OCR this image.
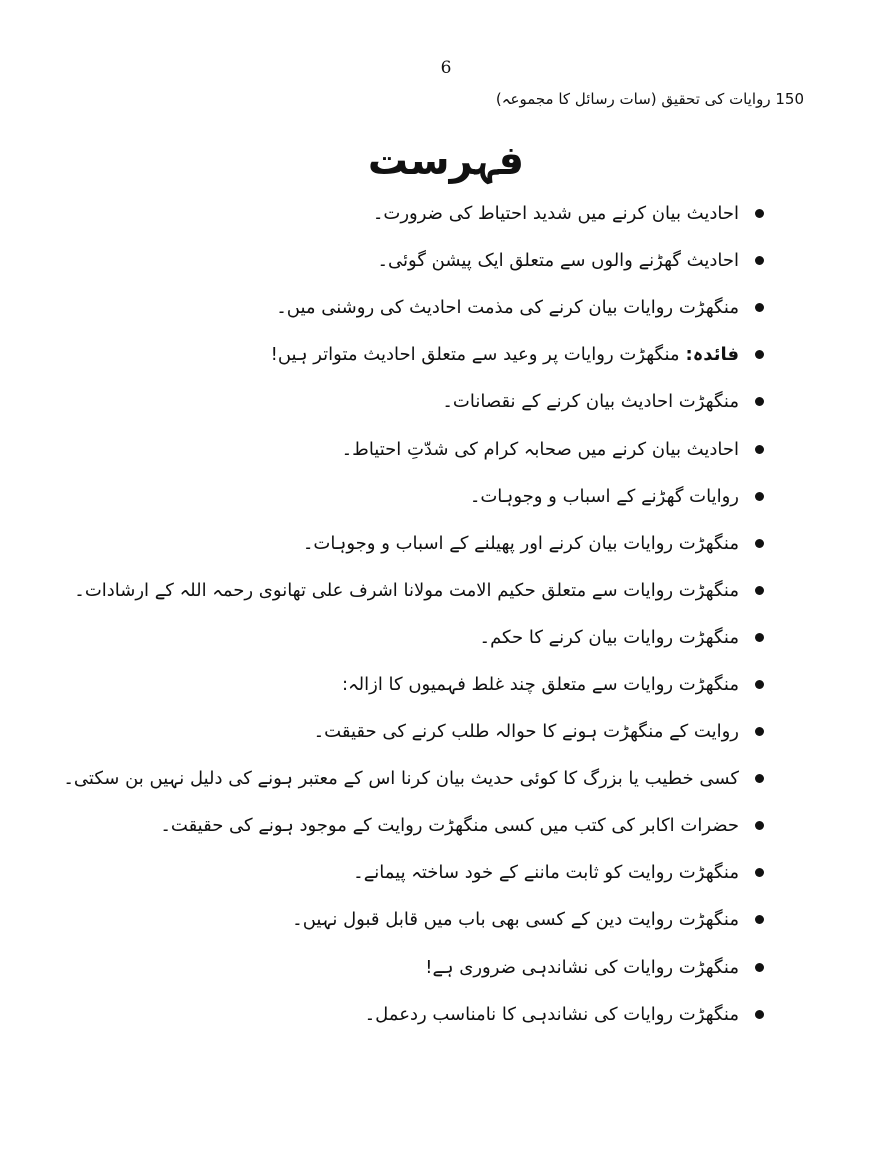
6
150 روایات کی تحقیق (سات رسائل کا مجموعہ)
فہرست
احادیث بیان کرنے میں شدید احتیاط کی ضرورت۔
احادیث گھڑنے والوں سے متعلق ایک پیشن گوئی۔
منگھڑت روایات بیان کرنے کی مذمت احادیث کی روشنی میں۔
فائدہ:
منگھڑت روایات پر وعید سے متعلق احادیث متواتر ہیں!
منگھڑت احادیث بیان کرنے کے نقصانات۔
احادیث بیان کرنے میں صحابہ کرام کی شدّتِ احتیاط۔
روایات گھڑنے کے اسباب و وجوہات۔
منگھڑت روایات بیان کرنے اور پھیلنے کے اسباب و وجوہات۔
منگھڑت روایات سے متعلق حکیم الامت مولانا اشرف علی تھانوی رحمہ اللہ کے ارشادات۔
منگھڑت روایات بیان کرنے کا حکم۔
منگھڑت روایات سے متعلق چند غلط فہمیوں کا ازالہ:
روایت کے منگھڑت ہونے کا حوالہ طلب کرنے کی حقیقت۔
کسی خطیب یا بزرگ کا کوئی حدیث بیان کرنا اس کے معتبر ہونے کی دلیل نہیں بن سکتی۔
حضرات اکابر کی کتب میں کسی منگھڑت روایت کے موجود ہونے کی حقیقت۔
منگھڑت روایت کو ثابت ماننے کے خود ساختہ پیمانے۔
منگھڑت روایت دین کے کسی بھی باب میں قابل قبول نہیں۔
منگھڑت روایات کی نشاندہی ضروری ہے!
منگھڑت روایات کی نشاندہی کا نامناسب ردعمل۔
